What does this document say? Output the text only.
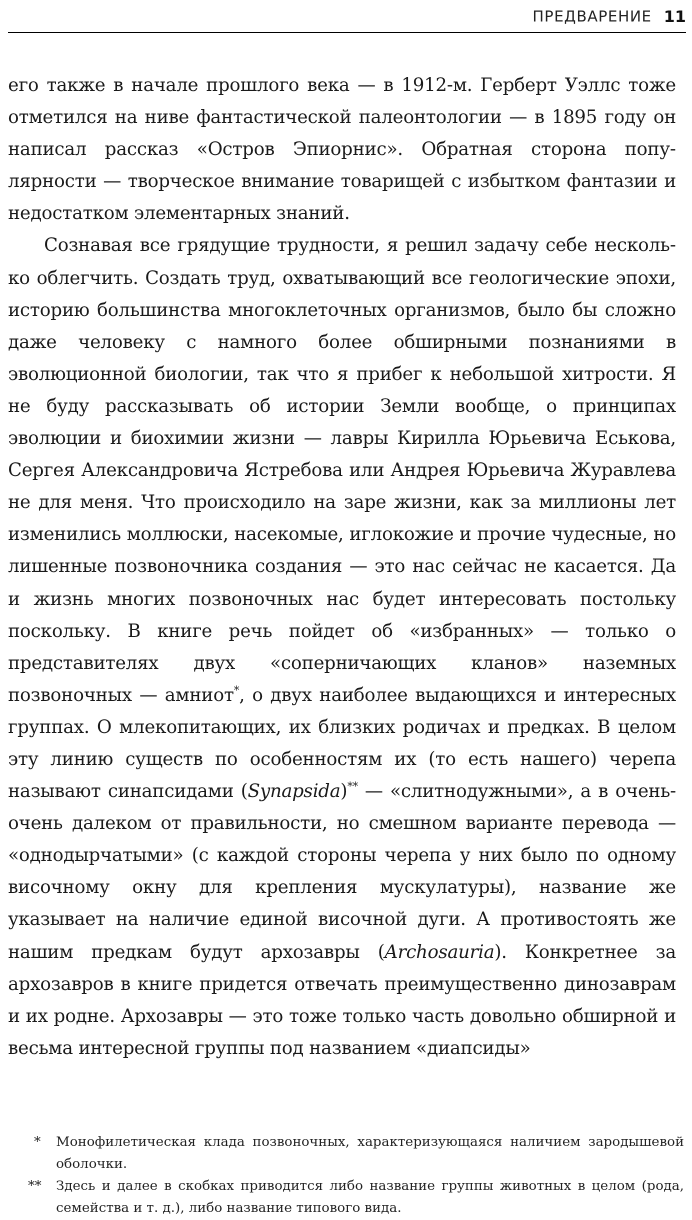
ПРЕДВАРЕНИЕ 11

его также в начале прошлого века — в 1912-м. Герберт Уэллс тоже отметился на ниве фантастической палеонтологии — в 1895 году он написал рассказ «Остров Эпиорнис». Обратная сторона популярности — творческое внимание товарищей с избытком фантазии и недостатком элементарных знаний.

Сознавая все грядущие трудности, я решил задачу себе несколько облегчить. Создать труд, охватывающий все геологические эпохи, историю большинства многоклеточных организмов, было бы сложно даже человеку с намного более обширными познаниями в эволюционной биологии, так что я прибег к небольшой хитрости. Я не буду рассказывать об истории Земли вообще, о принципах эволюции и биохимии жизни — лавры Кирилла Юрьевича Еськова, Сергея Александровича Ястребова или Андрея Юрьевича Журавлева не для меня. Что происходило на заре жизни, как за миллионы лет изменились моллюски, насекомые, иглокожие и прочие чудесные, но лишенные позвоночника создания — это нас сейчас не касается. Да и жизнь многих позвоночных нас будет интересовать постольку поскольку. В книге речь пойдет об «избранных» — только о представителях двух «соперничающих кланов» наземных позвоночных — амниот*, о двух наиболее выдающихся и интересных группах. О млекопитающих, их близких родичах и предках. В целом эту линию существ по особенностям их (то есть нашего) черепа называют синапсидами (Synapsida)** — «слитнодужными», а в очень-очень далеком от правильности, но смешном варианте перевода — «однодырчатыми» (с каждой стороны черепа у них было по одному височному окну для крепления мускулатуры), название же указывает на наличие единой височной дуги. А противостоять же нашим предкам будут архозавры (Archosauria). Конкретнее за архозавров в книге придется отвечать преимущественно динозаврам и их родне. Архозавры — это тоже только часть довольно обширной и весьма интересной группы под названием «диапсиды»

* Монофилетическая клада позвоночных, характеризующаяся наличием зародышевой оболочки.

** Здесь и далее в скобках приводится либо название группы животных в целом (рода, семейства и т. д.), либо название типового вида.
